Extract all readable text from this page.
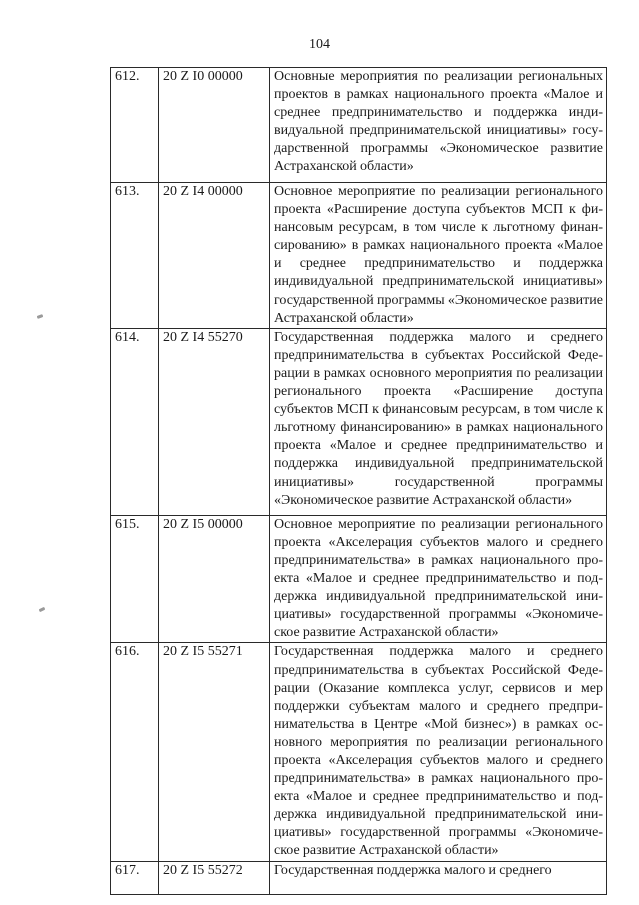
104
612.	20 Z I0 00000	Основные мероприятия по реализации региональных проектов в рамках национального проекта «Малое и среднее предпринимательство и поддержка индивидуальной предпринимательской инициативы» государственной программы «Экономическое развитие Астраханской области»
613.	20 Z I4 00000	Основное мероприятие по реализации регионального проекта «Расширение доступа субъектов МСП к финансовым ресурсам, в том числе к льготному финансированию» в рамках национального проекта «Малое и среднее предпринимательство и поддержка индивидуальной предпринимательской инициативы» государственной программы «Экономическое развитие Астраханской области»
614.	20 Z I4 55270	Государственная поддержка малого и среднего предпринимательства в субъектах Российской Федерации в рамках основного мероприятия по реализации регионального проекта «Расширение доступа субъектов МСП к финансовым ресурсам, в том числе к льготному финансированию» в рамках национального проекта «Малое и среднее предпринимательство и поддержка индивидуальной предпринимательской инициативы» государственной программы «Экономическое развитие Астраханской области»
615.	20 Z I5 00000	Основное мероприятие по реализации регионального проекта «Акселерация субъектов малого и среднего предпринимательства» в рамках национального проекта «Малое и среднее предпринимательство и поддержка индивидуальной предпринимательской инициативы» государственной программы «Экономическое развитие Астраханской области»
616.	20 Z I5 55271	Государственная поддержка малого и среднего предпринимательства в субъектах Российской Федерации (Оказание комплекса услуг, сервисов и мер поддержки субъектам малого и среднего предпринимательства в Центре «Мой бизнес») в рамках основного мероприятия по реализации регионального проекта «Акселерация субъектов малого и среднего предпринимательства» в рамках национального проекта «Малое и среднее предпринимательство и поддержка индивидуальной предпринимательской инициативы» государственной программы «Экономическое развитие Астраханской области»
617.	20 Z I5 55272	Государственная поддержка малого и среднего
